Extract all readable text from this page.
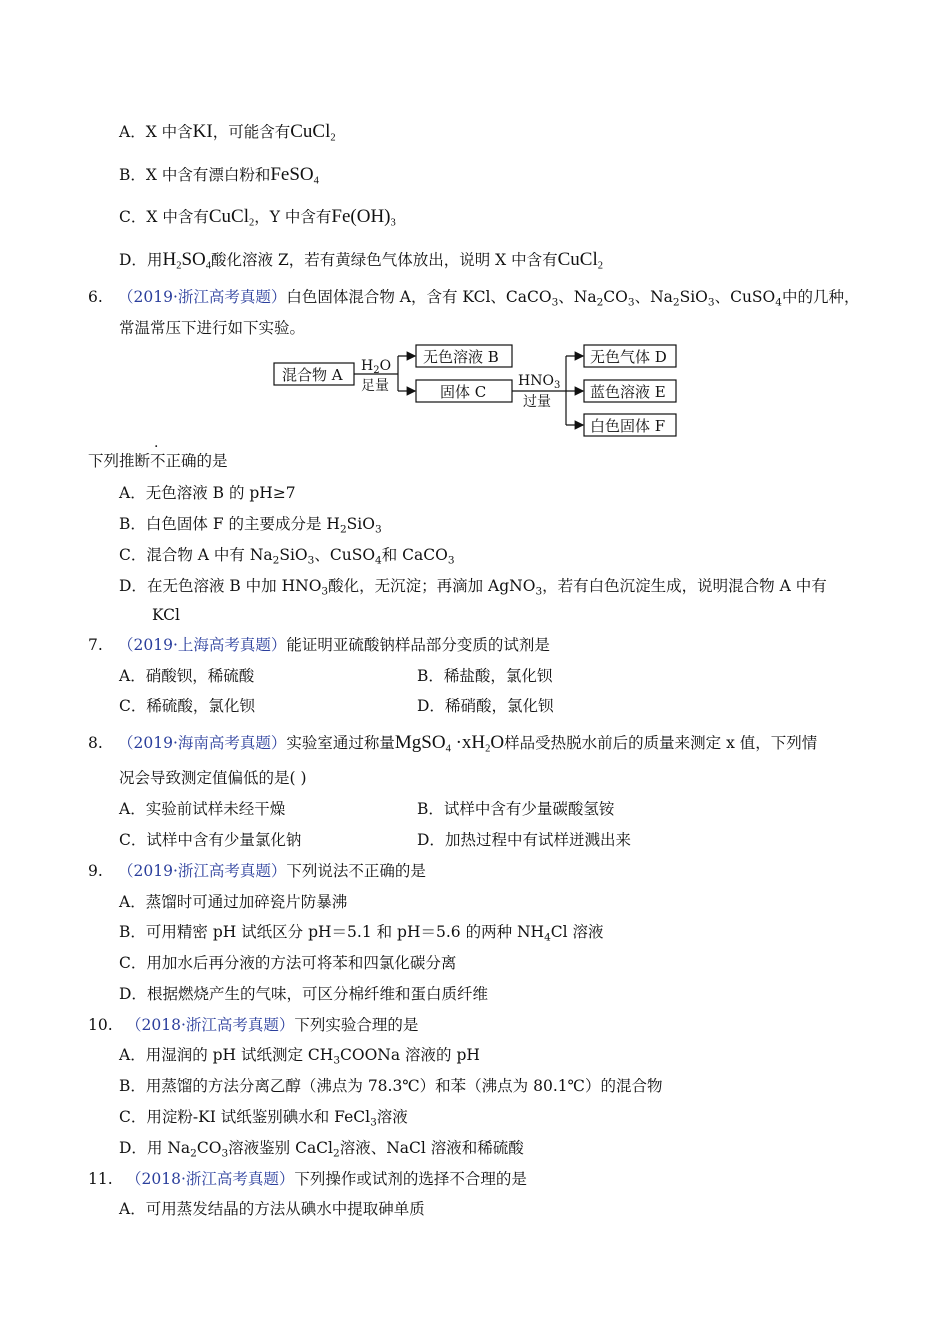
A．X 中含KI，可能含有CuCl$_2$
B．X 中含有漂白粉和FeSO$_4$
C．X 中含有CuCl$_2$，Y 中含有$Fe(OH)_3$
D．用$H_2SO_4$酸化溶液 Z，若有黄绿色气体放出，说明 X 中含有CuCl$_2$
6. （2019·浙江高考真题）白色固体混合物 A，含有 KCl、CaCO$_3$、$Na_2CO_3$、$Na_2SiO_3$、CuSO$_4$中的几种，
常温常压下进行如下实验。
混合物 A
无色溶液 B
固体 C
无色气体 D
蓝色溶液 E
白色固体 F
$H_2O$
足量	$HNO_3$
过量
下列推断不正确的是
A．无色溶液 B 的 pH≥7
B．白色固体 F 的主要成分是 $H_2SiO_3$
C．混合物 A 中有 $Na_2SiO_3$、CuSO$_4$和 CaCO$_3$
D．在无色溶液 B 中加 $HNO_3$酸化，无沉淀；再滴加 AgNO$_3$，若有白色沉淀生成，说明混合物 A 中有
KCl
7. （2019·上海高考真题）能证明亚硫酸钠样品部分变质的试剂是
A．硝酸钡，稀硫酸	B．稀盐酸，氯化钡
C．稀硫酸，氯化钡	D．稀硝酸，氯化钡
8. （2019·海南高考真题）实验室通过称量MgSO$_4$ $\cdot xH_2O$样品受热脱水前后的质量来测定 x 值，下列情
况会导致测定值偏低的是( )
A．实验前试样未经干燥	B．试样中含有少量碳酸氢铵
C．试样中含有少量氯化钠	D．加热过程中有试样迸溅出来
9. （2019·浙江高考真题）下列说法不正确的是
A．蒸馏时可通过加碎瓷片防暴沸
B．可用精密 pH 试纸区分 pH＝5.1 和 pH＝5.6 的两种 $NH_4Cl$ 溶液
C．用加水后再分液的方法可将苯和四氯化碳分离
D．根据燃烧产生的气味，可区分棉纤维和蛋白质纤维
10. （2018·浙江高考真题）下列实验合理的是
A．用湿润的 pH 试纸测定 $CH_3COONa$ 溶液的 pH
B．用蒸馏的方法分离乙醇（沸点为 78.3℃）和苯（沸点为 80.1℃）的混合物
C．用淀粉-KI 试纸鉴别碘水和 FeCl$_3$溶液
D．用 $Na_2CO_3$溶液鉴别 CaCl$_2$溶液、NaCl 溶液和稀硫酸
11. （2018·浙江高考真题）下列操作或试剂的选择不合理的是
A．可用蒸发结晶的方法从碘水中提取砷单质
